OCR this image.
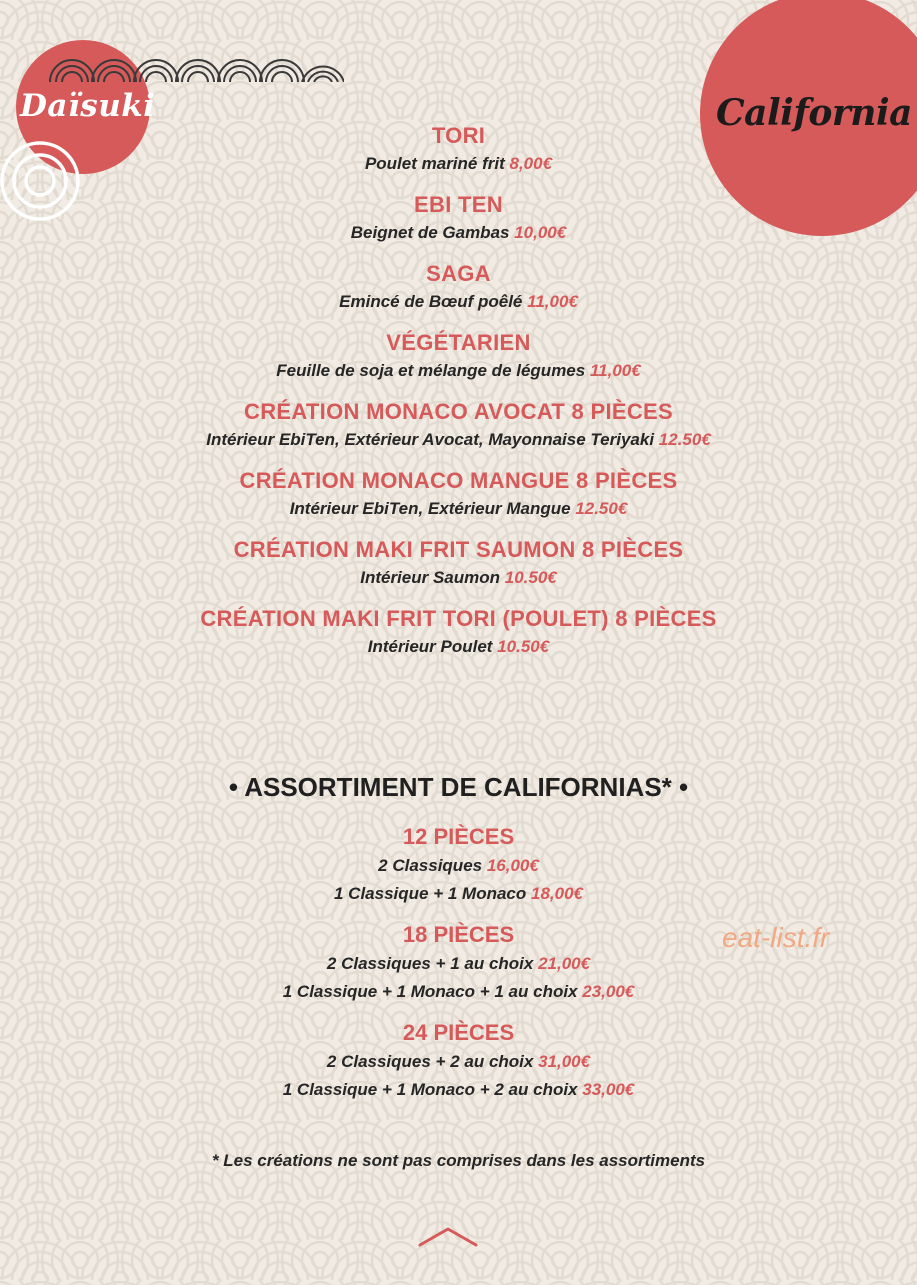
Daïsuki	California
TORI
Poulet mariné frit 8,00€
EBI TEN
Beignet de Gambas 10,00€
SAGA
Emincé de Bœuf poêlé 11,00€
VÉGÉTARIEN
Feuille de soja et mélange de légumes 11,00€
CRÉATION MONACO AVOCAT 8 PIÈCES
Intérieur EbiTen, Extérieur Avocat, Mayonnaise Teriyaki 12.50€
CRÉATION MONACO MANGUE 8 PIÈCES
Intérieur EbiTen, Extérieur Mangue 12.50€
CRÉATION MAKI FRIT SAUMON 8 PIÈCES
Intérieur Saumon 10.50€
CRÉATION MAKI FRIT TORI (POULET) 8 PIÈCES
Intérieur Poulet 10.50€
• ASSORTIMENT DE CALIFORNIAS* •
12 PIÈCES
2 Classiques 16,00€
1 Classique + 1 Monaco 18,00€
18 PIÈCES
2 Classiques + 1 au choix 21,00€
1 Classique + 1 Monaco + 1 au choix 23,00€
24 PIÈCES
2 Classiques + 2 au choix 31,00€
1 Classique + 1 Monaco + 2 au choix 33,00€
* Les créations ne sont pas comprises dans les assortiments
eat-list.fr
